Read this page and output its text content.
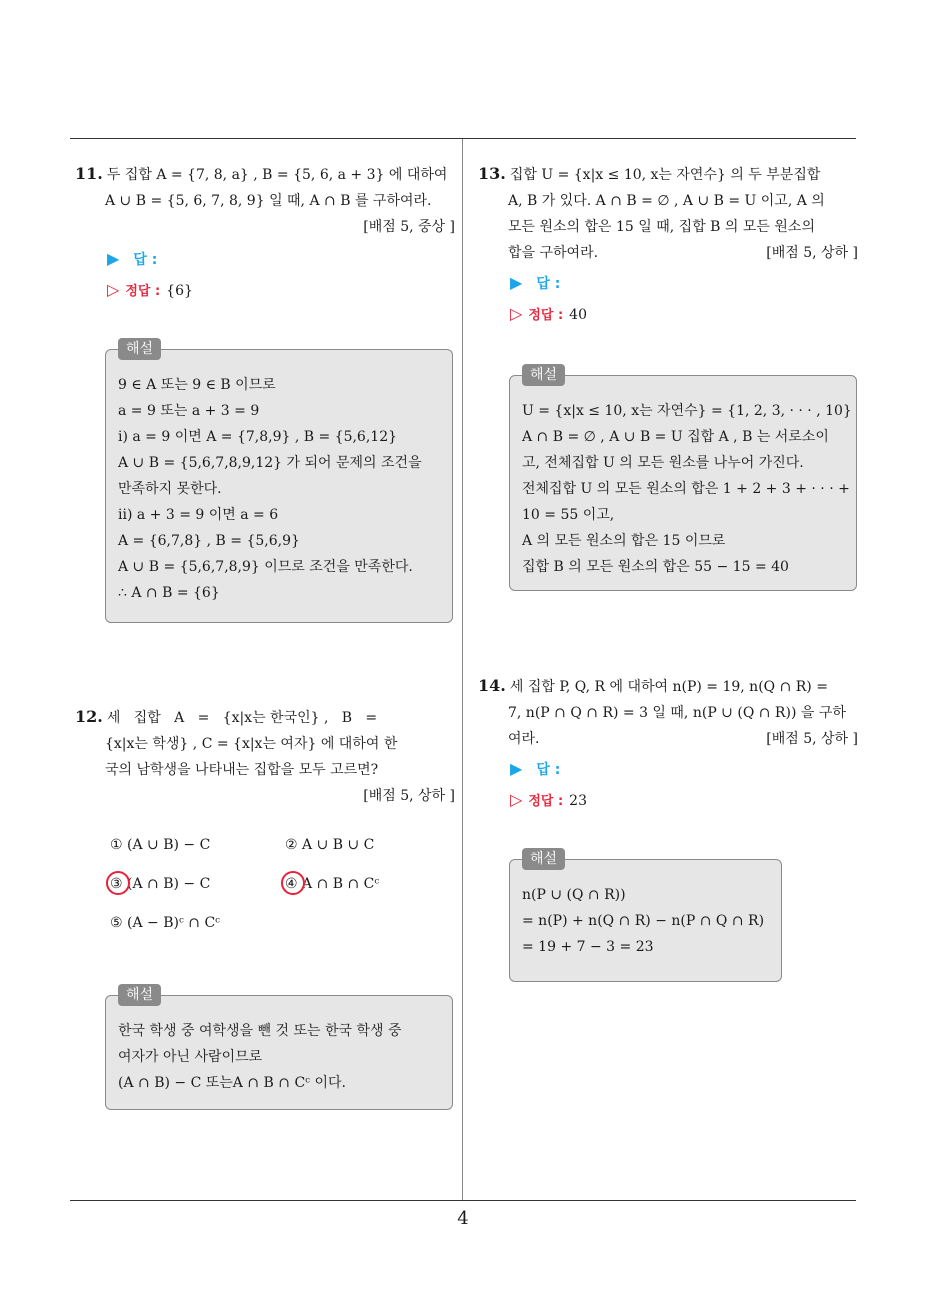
11. 두 집합 A = {7, 8, a} , B = {5, 6, a + 3} 에 대하여
A ∪ B = {5, 6, 7, 8, 9} 일 때, A ∩ B 를 구하여라.
[배점 5, 중상 ]
▶ 답 :
▷ 정답 : {6}
해설
9 ∈ A 또는 9 ∈ B 이므로
a = 9 또는 a + 3 = 9
i) a = 9 이면 A = {7,8,9} , B = {5,6,12}
A ∪ B = {5,6,7,8,9,12} 가 되어 문제의 조건을
만족하지 못한다.
ii) a + 3 = 9 이면 a = 6
A = {6,7,8} , B = {5,6,9}
A ∪ B = {5,6,7,8,9} 이므로 조건을 만족한다.
∴ A ∩ B = {6}
12. 세   집합   A   =   {x|x는 한국인} ,   B   =
{x|x는 학생} , C = {x|x는 여자} 에 대하여 한
국의 남학생을 나타내는 집합을 모두 고르면?
[배점 5, 상하 ]
① (A ∪ B) − C	② A ∪ B ∪ C
③ (A ∩ B) − C	④ A ∩ B ∩ Cᶜ
⑤ (A − B)ᶜ ∩ Cᶜ
해설
한국 학생 중 여학생을 뺀 것 또는 한국 학생 중
여자가 아닌 사람이므로
(A ∩ B) − C 또는A ∩ B ∩ Cᶜ 이다.
13. 집합 U = {x|x ≤ 10, x는 자연수} 의 두 부분집합
A, B 가 있다. A ∩ B = ∅ , A ∪ B = U 이고, A 의
모든 원소의 합은 15 일 때, 집합 B 의 모든 원소의
합을 구하여라.	[배점 5, 상하 ]
▶ 답 :
▷ 정답 : 40
해설
U = {x|x ≤ 10, x는 자연수} = {1, 2, 3, · · · , 10}
A ∩ B = ∅ , A ∪ B = U 집합 A , B 는 서로소이
고, 전체집합 U 의 모든 원소를 나누어 가진다.
전체집합 U 의 모든 원소의 합은 1 + 2 + 3 + · · · +
10 = 55 이고,
A 의 모든 원소의 합은 15 이므로
집합 B 의 모든 원소의 합은 55 − 15 = 40
14. 세 집합 P, Q, R 에 대하여 n(P) = 19, n(Q ∩ R) =
7, n(P ∩ Q ∩ R) = 3 일 때, n(P ∪ (Q ∩ R)) 을 구하
여라.	[배점 5, 상하 ]
▶ 답 :
▷ 정답 : 23
해설
n(P ∪ (Q ∩ R))
= n(P) + n(Q ∩ R) − n(P ∩ Q ∩ R)
= 19 + 7 − 3 = 23
4
